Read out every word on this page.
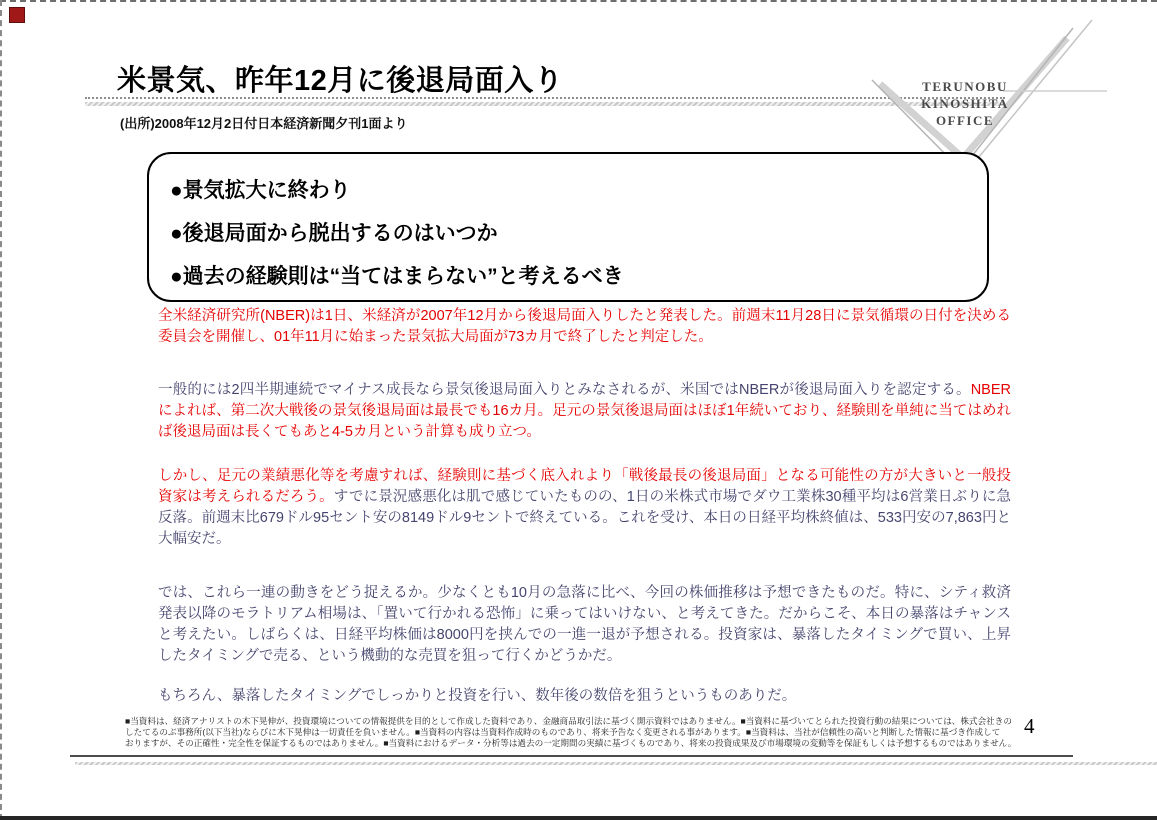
米景気、昨年12月に後退局面入り
(出所)2008年12月2日付日本経済新聞夕刊1面より
TERUNOBU
KINOSHITA
OFFICE
●景気拡大に終わり
●後退局面から脱出するのはいつか
●過去の経験則は“当てはまらない”と考えるべき
全米経済研究所(NBER)は1日、米経済が2007年12月から後退局面入りしたと発表した。前週末11月28日に景気循環の日付を決める委員会を開催し、01年11月に始まった景気拡大局面が73カ月で終了したと判定した。
一般的には2四半期連続でマイナス成長なら景気後退局面入りとみなされるが、米国ではNBERが後退局面入りを認定する。NBERによれば、第二次大戦後の景気後退局面は最長でも16カ月。足元の景気後退局面はほぼ1年続いており、経験則を単純に当てはめれば後退局面は長くてもあと4-5カ月という計算も成り立つ。
しかし、足元の業績悪化等を考慮すれば、経験則に基づく底入れより「戦後最長の後退局面」となる可能性の方が大きいと一般投資家は考えられるだろう。すでに景況感悪化は肌で感じていたものの、1日の米株式市場でダウ工業株30種平均は6営業日ぶりに急反落。前週末比679ドル95セント安の8149ドル9セントで終えている。これを受け、本日の日経平均株終値は、533円安の7,863円と大幅安だ。
では、これら一連の動きをどう捉えるか。少なくとも10月の急落に比べ、今回の株価推移は予想できたものだ。特に、シティ救済発表以降のモラトリアム相場は、「置いて行かれる恐怖」に乗ってはいけない、と考えてきた。だからこそ、本日の暴落はチャンスと考えたい。しばらくは、日経平均株価は8000円を挟んでの一進一退が予想される。投資家は、暴落したタイミングで買い、上昇したタイミングで売る、という機動的な売買を狙って行くかどうかだ。
もちろん、暴落したタイミングでしっかりと投資を行い、数年後の数倍を狙うというものありだ。
■当資料は、経済アナリストの木下晃伸が、投資環境についての情報提供を目的として作成した資料であり、金融商品取引法に基づく開示資料ではありません。■当資料に基づいてとられた投資行動の結果については、株式会社きの
したてるのぶ事務所(以下当社)ならびに木下晃伸は一切責任を負いません。■当資料の内容は当資料作成時のものであり、将来予告なく変更される事があります。■当資料は、当社が信頼性の高いと判断した情報に基づき作成して
おりますが、その正確性・完全性を保証するものではありません。■当資料におけるデータ・分析等は過去の一定期間の実績に基づくものであり、将来の投資成果及び市場環境の変動等を保証もしくは予想するものではありません。
4
